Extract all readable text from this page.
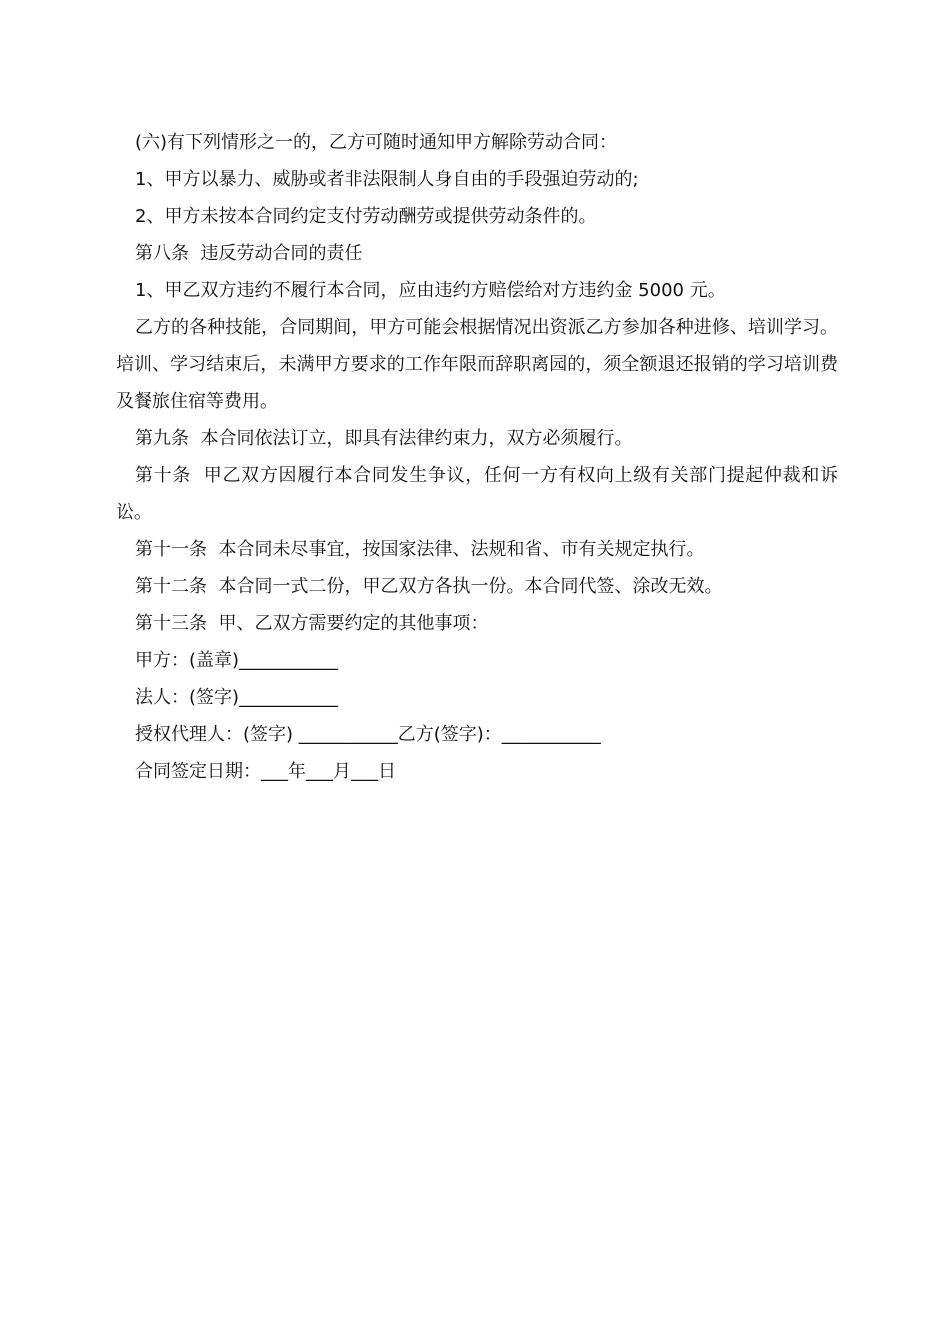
(六)有下列情形之一的，乙方可随时通知甲方解除劳动合同：

1、甲方以暴力、威胁或者非法限制人身自由的手段强迫劳动的;

2、甲方未按本合同约定支付劳动酬劳或提供劳动条件的。

第八条  违反劳动合同的责任

1、甲乙双方违约不履行本合同，应由违约方赔偿给对方违约金 5000 元。

乙方的各种技能，合同期间，甲方可能会根据情况出资派乙方参加各种进修、培训学习。培训、学习结束后，未满甲方要求的工作年限而辞职离园的，须全额退还报销的学习培训费及餐旅住宿等费用。

第九条  本合同依法订立，即具有法律约束力，双方必须履行。

第十条  甲乙双方因履行本合同发生争议，任何一方有权向上级有关部门提起仲裁和诉讼。

第十一条  本合同未尽事宜，按国家法律、法规和省、市有关规定执行。

第十二条  本合同一式二份，甲乙双方各执一份。本合同代签、涂改无效。

第十三条  甲、乙双方需要约定的其他事项：

甲方：(盖章)___________

法人：(签字)___________

授权代理人：(签字) ___________乙方(签字)：___________

合同签定日期：___年___月___日
